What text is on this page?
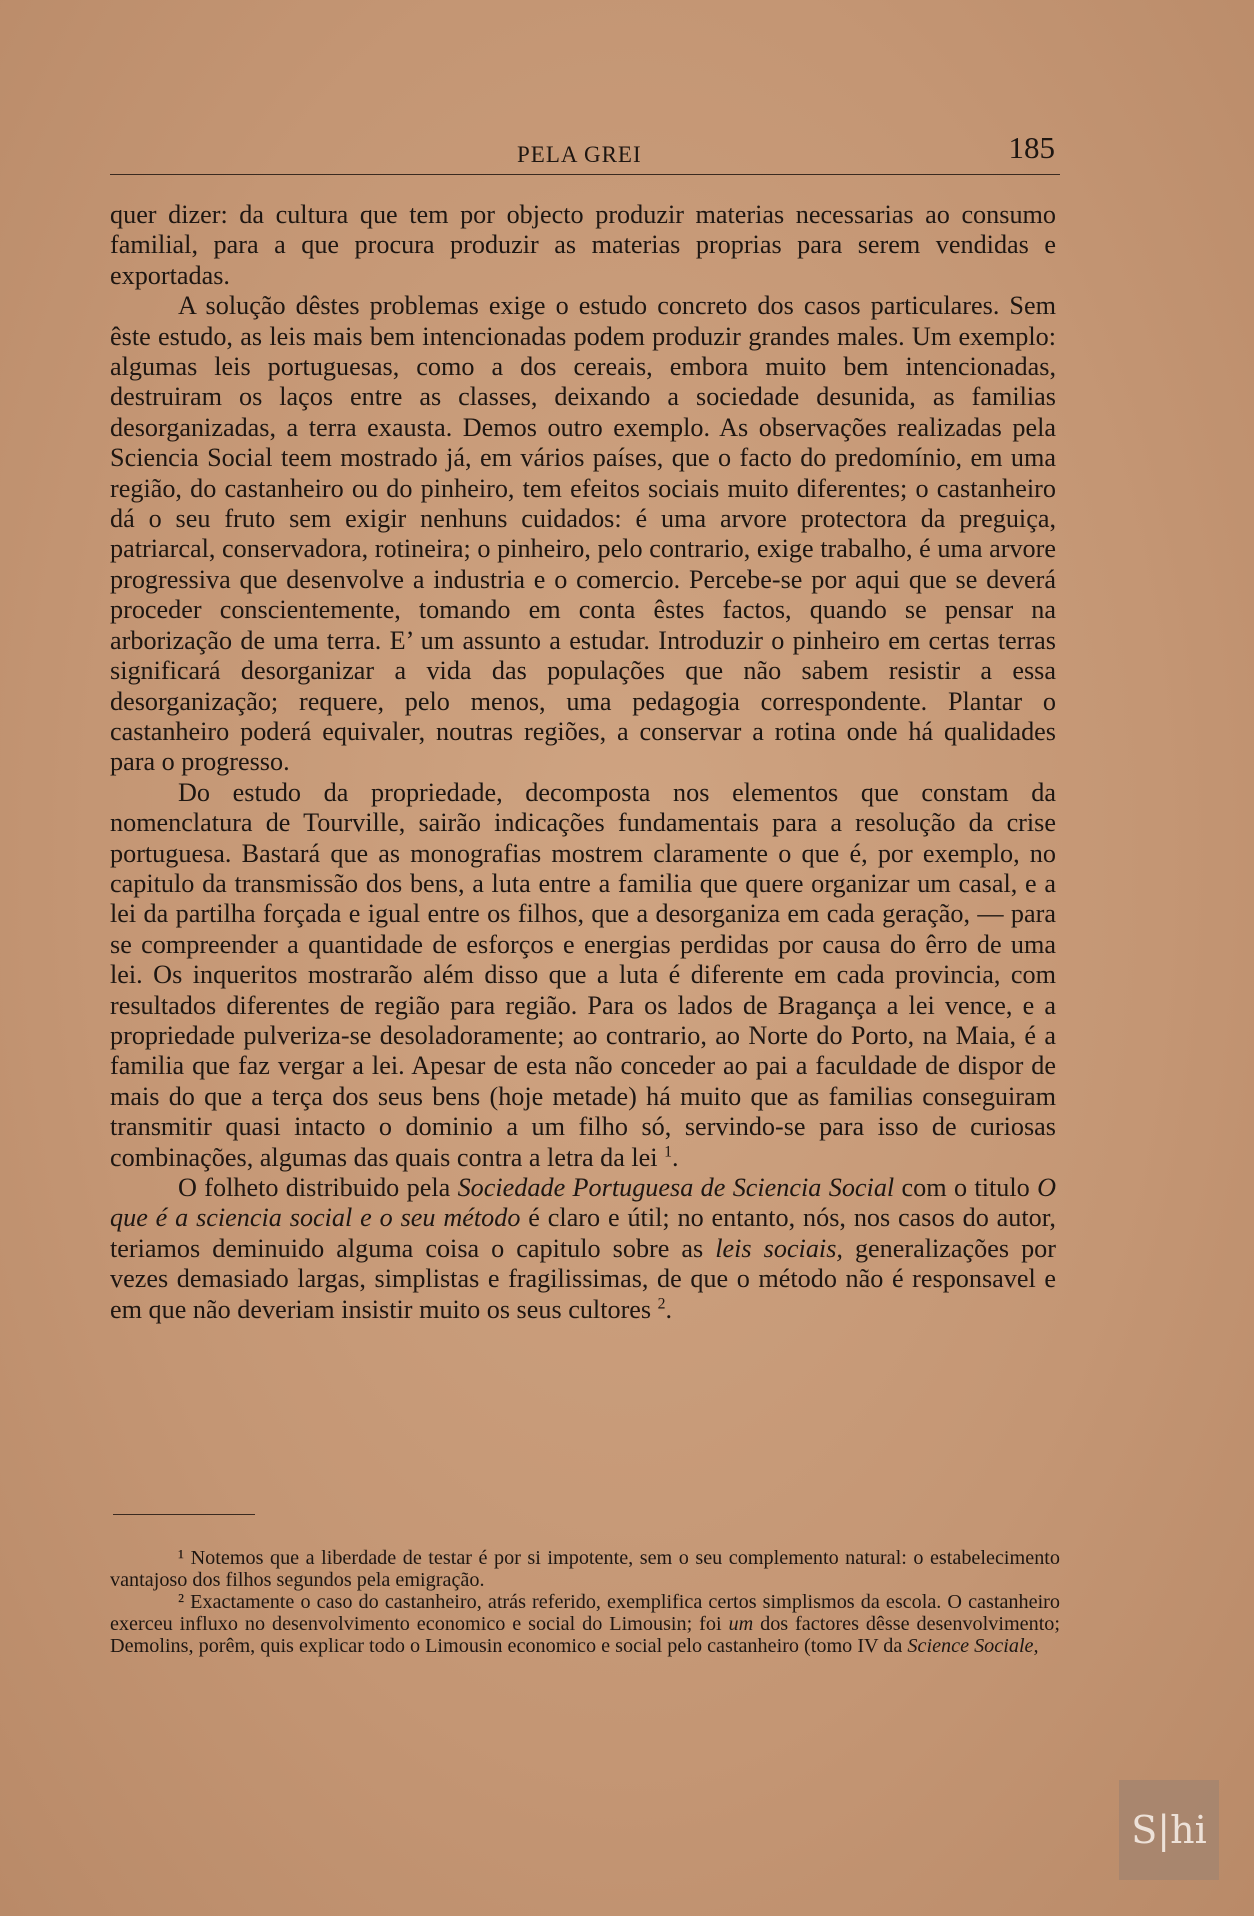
PELA GREI	185

quer dizer: da cultura que tem por objecto produzir materias necessarias ao consumo familial, para a que procura produzir as materias proprias para serem vendidas e exportadas.

A solução dêstes problemas exige o estudo concreto dos casos particulares. Sem êste estudo, as leis mais bem intencionadas podem produzir grandes males. Um exemplo: algumas leis portuguesas, como a dos cereais, embora muito bem intencionadas, destruiram os laços entre as classes, deixando a sociedade desunida, as familias desorganizadas, a terra exausta. Demos outro exemplo. As observações realizadas pela Sciencia Social teem mostrado já, em vários países, que o facto do predomínio, em uma região, do castanheiro ou do pinheiro, tem efeitos sociais muito diferentes; o castanheiro dá o seu fruto sem exigir nenhuns cuidados: é uma arvore protectora da preguiça, patriarcal, conservadora, rotineira; o pinheiro, pelo contrario, exige trabalho, é uma arvore progressiva que desenvolve a industria e o comercio. Percebe-se por aqui que se deverá proceder conscientemente, tomando em conta êstes factos, quando se pensar na arborização de uma terra. E’ um assunto a estudar. Introduzir o pinheiro em certas terras significará desorganizar a vida das populações que não sabem resistir a essa desorganização; requere, pelo menos, uma pedagogia correspondente. Plantar o castanheiro poderá equivaler, noutras regiões, a conservar a rotina onde há qualidades para o progresso.

Do estudo da propriedade, decomposta nos elementos que constam da nomenclatura de Tourville, sairão indicações fundamentais para a resolução da crise portuguesa. Bastará que as monografias mostrem claramente o que é, por exemplo, no capitulo da transmissão dos bens, a luta entre a familia que quere organizar um casal, e a lei da partilha forçada e igual entre os filhos, que a desorganiza em cada geração, — para se compreender a quantidade de esforços e energias perdidas por causa do êrro de uma lei. Os inqueritos mostrarão além disso que a luta é diferente em cada provincia, com resultados diferentes de região para região. Para os lados de Bragança a lei vence, e a propriedade pulveriza-se desoladoramente; ao contrario, ao Norte do Porto, na Maia, é a familia que faz vergar a lei. Apesar de esta não conceder ao pai a faculdade de dispor de mais do que a terça dos seus bens (hoje metade) há muito que as familias conseguiram transmitir quasi intacto o dominio a um filho só, servindo-se para isso de curiosas combinações, algumas das quais contra a letra da lei $^1$.

O folheto distribuido pela Sociedade Portuguesa de Sciencia Social com o titulo O que é a sciencia social e o seu método é claro e útil; no entanto, nós, nos casos do autor, teriamos deminuido alguma coisa o capitulo sobre as leis sociais, generalizações por vezes demasiado largas, simplistas e fragilissimas, de que o método não é responsavel e em que não deveriam insistir muito os seus cultores $^2$.

¹ Notemos que a liberdade de testar é por si impotente, sem o seu complemento natural: o estabelecimento vantajoso dos filhos segundos pela emigração.

² Exactamente o caso do castanheiro, atrás referido, exemplifica certos simplismos da escola. O castanheiro exerceu influxo no desenvolvimento economico e social do Limousin; foi um dos factores dêsse desenvolvimento; Demolins, porêm, quis explicar todo o Limousin economico e social pelo castanheiro (tomo IV da Science Sociale,

S|hi
